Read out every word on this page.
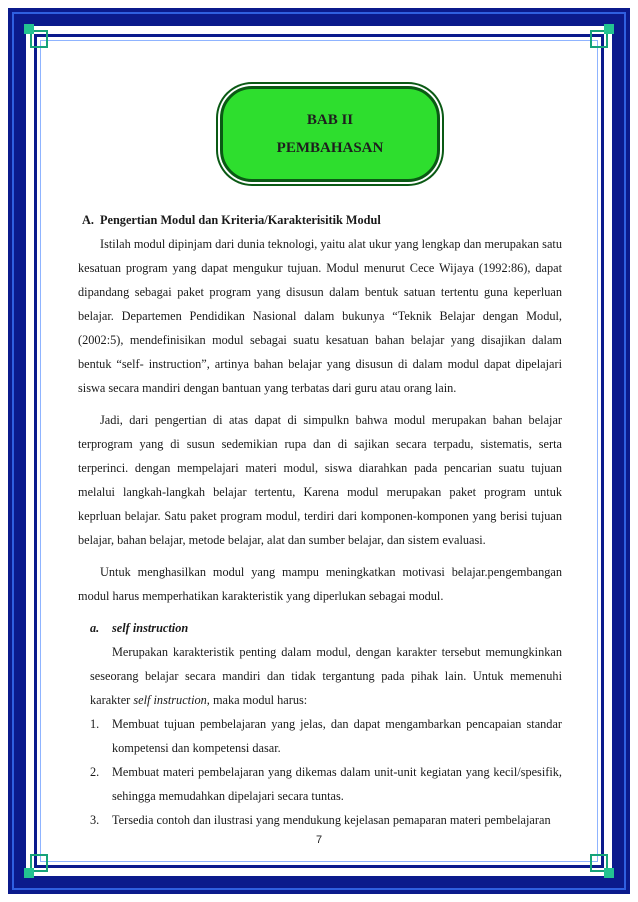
BAB II
PEMBAHASAN
A. Pengertian Modul dan Kriteria/Karakterisitik Modul

Istilah modul dipinjam dari dunia teknologi, yaitu alat ukur yang lengkap dan merupakan satu kesatuan program yang dapat mengukur tujuan. Modul menurut Cece Wijaya (1992:86), dapat dipandang sebagai paket program yang disusun dalam bentuk satuan tertentu guna keperluan belajar. Departemen Pendidikan Nasional dalam bukunya “Teknik Belajar dengan Modul, (2002:5), mendefinisikan modul sebagai suatu kesatuan bahan belajar yang disajikan dalam bentuk “self- instruction”, artinya bahan belajar yang disusun di dalam modul dapat dipelajari siswa secara mandiri dengan bantuan yang terbatas dari guru atau orang lain.

Jadi, dari pengertian di atas dapat di simpulkn bahwa modul merupakan bahan belajar terprogram yang di susun sedemikian rupa dan di sajikan secara terpadu, sistematis, serta terperinci. dengan mempelajari materi modul, siswa diarahkan pada pencarian suatu tujuan melalui langkah-langkah belajar tertentu, Karena modul merupakan paket program untuk keprluan belajar. Satu paket program modul, terdiri dari komponen-komponen yang berisi tujuan belajar, bahan belajar, metode belajar, alat dan sumber belajar, dan sistem evaluasi.

Untuk menghasilkan modul yang mampu meningkatkan motivasi belajar.pengembangan modul harus memperhatikan karakteristik yang diperlukan sebagai modul.

a. self instruction

Merupakan karakteristik penting dalam modul, dengan karakter tersebut memungkinkan seseorang belajar secara mandiri dan tidak tergantung pada pihak lain. Untuk memenuhi karakter self instruction, maka modul harus:

1. Membuat tujuan pembelajaran yang jelas, dan dapat mengambarkan pencapaian standar kompetensi dan kompetensi dasar.
2. Membuat materi pembelajaran yang dikemas dalam unit-unit kegiatan yang kecil/spesifik, sehingga memudahkan dipelajari secara tuntas.
3. Tersedia contoh dan ilustrasi yang mendukung kejelasan pemaparan materi pembelajaran
7
